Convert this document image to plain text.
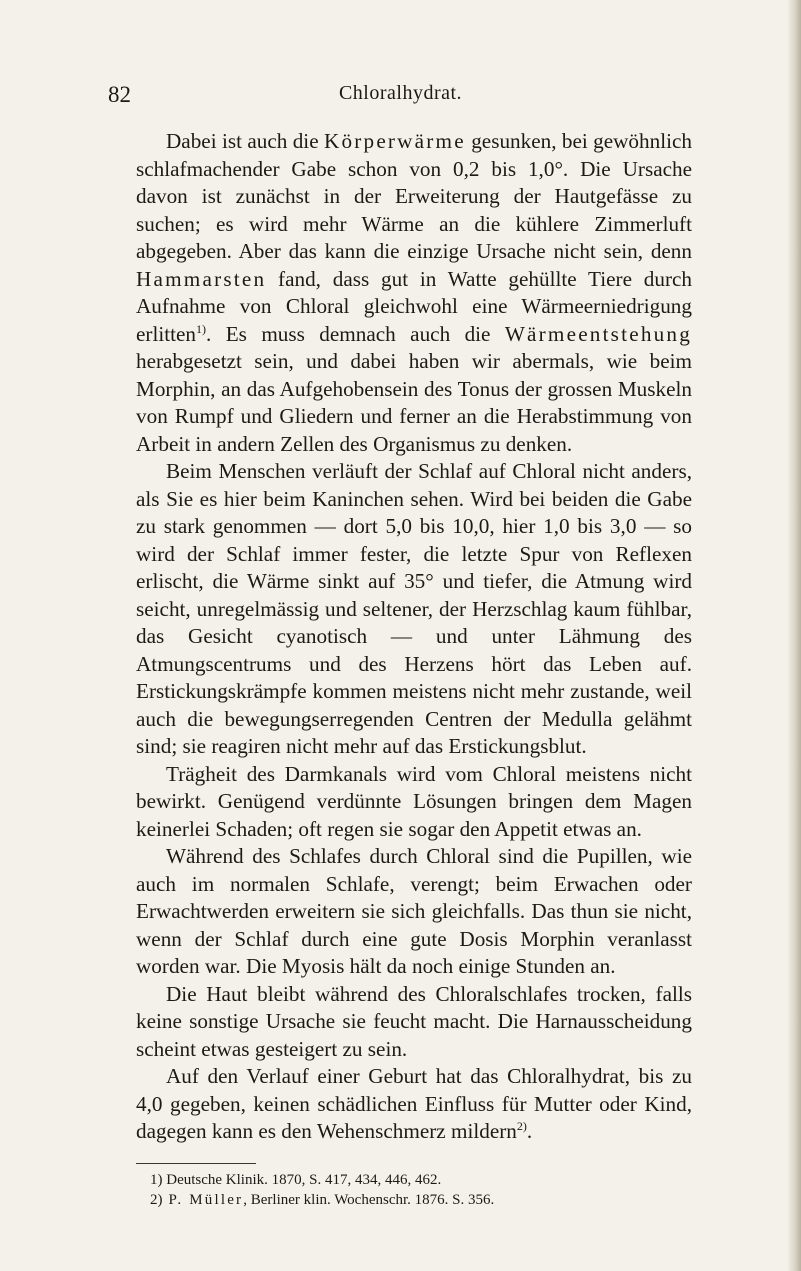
82	Chloralhydrat.

Dabei ist auch die Körperwärme gesunken, bei gewöhnlich schlafmachender Gabe schon von 0,2 bis 1,0°. Die Ursache davon ist zunächst in der Erweiterung der Hautgefässe zu suchen; es wird mehr Wärme an die kühlere Zimmerluft abgegeben. Aber das kann die einzige Ursache nicht sein, denn Hammarsten fand, dass gut in Watte gehüllte Tiere durch Aufnahme von Chloral gleichwohl eine Wärmeerniedrigung erlitten$^{1)}$. Es muss demnach auch die Wärmeentstehung herabgesetzt sein, und dabei haben wir abermals, wie beim Morphin, an das Aufgehobensein des Tonus der grossen Muskeln von Rumpf und Gliedern und ferner an die Herabstimmung von Arbeit in andern Zellen des Organismus zu denken.

Beim Menschen verläuft der Schlaf auf Chloral nicht anders, als Sie es hier beim Kaninchen sehen. Wird bei beiden die Gabe zu stark genommen — dort 5,0 bis 10,0, hier 1,0 bis 3,0 — so wird der Schlaf immer fester, die letzte Spur von Reflexen erlischt, die Wärme sinkt auf 35° und tiefer, die Atmung wird seicht, unregelmässig und seltener, der Herzschlag kaum fühlbar, das Gesicht cyanotisch — und unter Lähmung des Atmungscentrums und des Herzens hört das Leben auf. Erstickungskrämpfe kommen meistens nicht mehr zustande, weil auch die bewegungserregenden Centren der Medulla gelähmt sind; sie reagiren nicht mehr auf das Erstickungsblut.

Trägheit des Darmkanals wird vom Chloral meistens nicht bewirkt. Genügend verdünnte Lösungen bringen dem Magen keinerlei Schaden; oft regen sie sogar den Appetit etwas an.

Während des Schlafes durch Chloral sind die Pupillen, wie auch im normalen Schlafe, verengt; beim Erwachen oder Erwachtwerden erweitern sie sich gleichfalls. Das thun sie nicht, wenn der Schlaf durch eine gute Dosis Morphin veranlasst worden war. Die Myosis hält da noch einige Stunden an.

Die Haut bleibt während des Chloralschlafes trocken, falls keine sonstige Ursache sie feucht macht. Die Harnausscheidung scheint etwas gesteigert zu sein.

Auf den Verlauf einer Geburt hat das Chloralhydrat, bis zu 4,0 gegeben, keinen schädlichen Einfluss für Mutter oder Kind, dagegen kann es den Wehenschmerz mildern$^{2)}$.

1) Deutsche Klinik. 1870, S. 417, 434, 446, 462.

2) P. Müller, Berliner klin. Wochenschr. 1876. S. 356.
